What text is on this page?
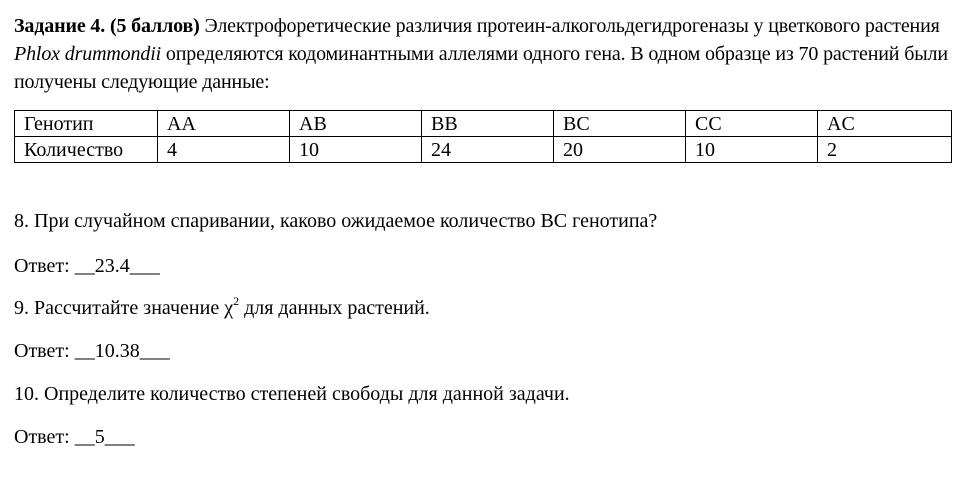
Задание 4. (5 баллов) Электрофоретические различия протеин-алкогольдегидрогеназы у цветкового растения Phlox drummondii определяются кодоминантными аллелями одного гена. В одном образце из 70 растений были получены следующие данные:

Генотип	AA	AB	BB	BC	CC	AC
Количество	4	10	24	20	10	2

8. При случайном спаривании, каково ожидаемое количество BC генотипа?

Ответ: __23.4___

9. Рассчитайте значение $\chi^2$ для данных растений.

Ответ: __10.38___

10. Определите количество степеней свободы для данной задачи.

Ответ: __5___
